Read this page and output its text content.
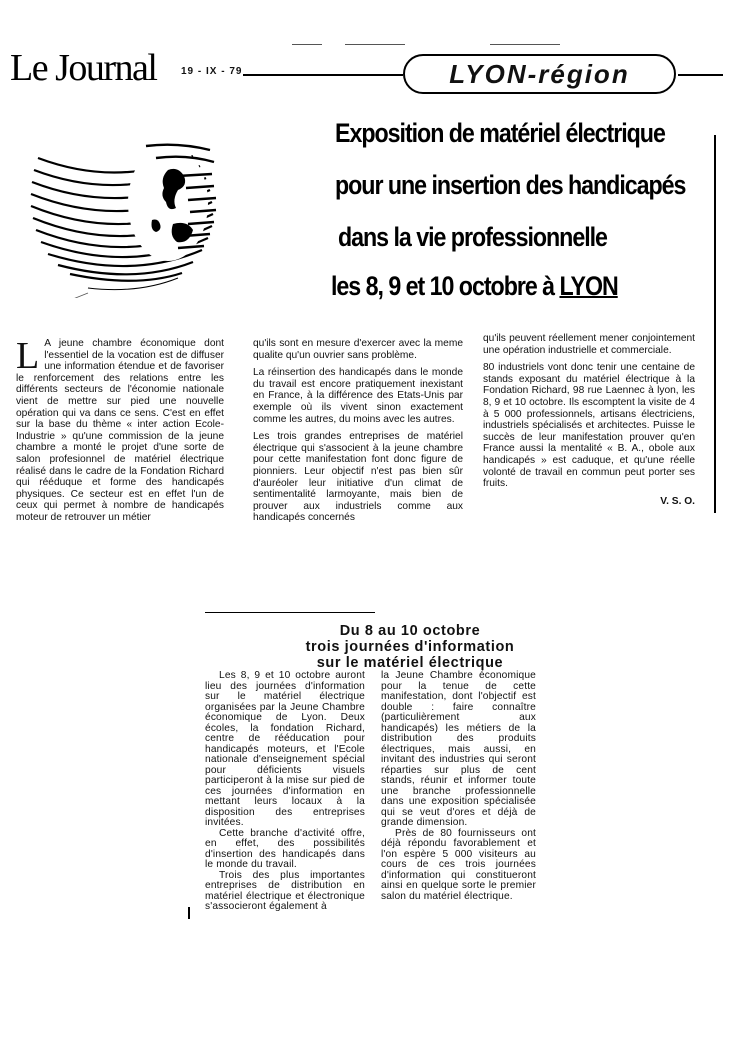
Le Journal 19 - IX - 79	LYON-région
Exposition de matériel électrique
pour une insertion des handicapés
dans la vie professionnelle
les 8, 9 et 10 octobre à LYON
L A jeune chambre économique dont l'essentiel de la vocation est de diffuser une information étendue et de favoriser le renforcement des relations entre les différents secteurs de l'économie nationale vient de mettre sur pied une nouvelle opération qui va dans ce sens. C'est en effet sur la base du thème « inter action Ecole-Industrie » qu'une commission de la jeune chambre a monté le projet d'une sorte de salon profesionnel de matériel électrique réalisé dans le cadre de la Fondation Richard qui rééduque et forme des handicapés physiques. Ce secteur est en effet l'un de ceux qui permet à nombre de handicapés moteur de retrouver un métier

qu'ils sont en mesure d'exercer avec la meme qualite qu'un ouvrier sans problème.

La réinsertion des handicapés dans le monde du travail est encore pratiquement inexistant en France, à la différence des Etats-Unis par exemple où ils vivent sinon exactement comme les autres, du moins avec les autres.

Les trois grandes entreprises de matériel électrique qui s'associent à la jeune chambre pour cette manifestation font donc figure de pionniers. Leur objectif n'est pas bien sûr d'auréoler leur initiative d'un climat de sentimentalité larmoyante, mais bien de prouver aux industriels comme aux handicapés concernés

qu'ils peuvent réellement mener conjointement une opération industrielle et commerciale.

80 industriels vont donc tenir une centaine de stands exposant du matériel électrique à la Fondation Richard, 98 rue Laennec à lyon, les 8, 9 et 10 octobre. Ils escomptent la visite de 4 à 5 000 professionnels, artisans électriciens, industriels spécialisés et architectes. Puisse le succès de leur manifestation prouver qu'en France aussi la mentalité « B. A., obole aux handicapés » est caduque, et qu'une réelle volonté de travail en commun peut porter ses fruits.

V. S. O.
Du 8 au 10 octobre
trois journées d'information
sur le matériel électrique

Les 8, 9 et 10 octobre auront lieu des journées d'information sur le matériel électrique organisées par la Jeune Chambre économique de Lyon. Deux écoles, la fondation Richard, centre de rééducation pour handicapés moteurs, et l'Ecole nationale d'enseignement spécial pour déficients visuels participeront à la mise sur pied de ces journées d'information en mettant leurs locaux à la disposition des entreprises invitées.

Cette branche d'activité offre, en effet, des possibilités d'insertion des handicapés dans le monde du travail.

Trois des plus importantes entreprises de distribution en matériel électrique et électronique s'associeront également à

la Jeune Chambre économique pour la tenue de cette manifestation, dont l'objectif est double : faire connaître (particulièrement aux handicapés) les métiers de la distribution des produits électriques, mais aussi, en invitant des industries qui seront réparties sur plus de cent stands, réunir et informer toute une branche professionnelle dans une exposition spécialisée qui se veut d'ores et déjà de grande dimension.

Près de 80 fournisseurs ont déjà répondu favorablement et l'on espère 5 000 visiteurs au cours de ces trois journées d'information qui constitueront ainsi en quelque sorte le premier salon du matériel électrique.
